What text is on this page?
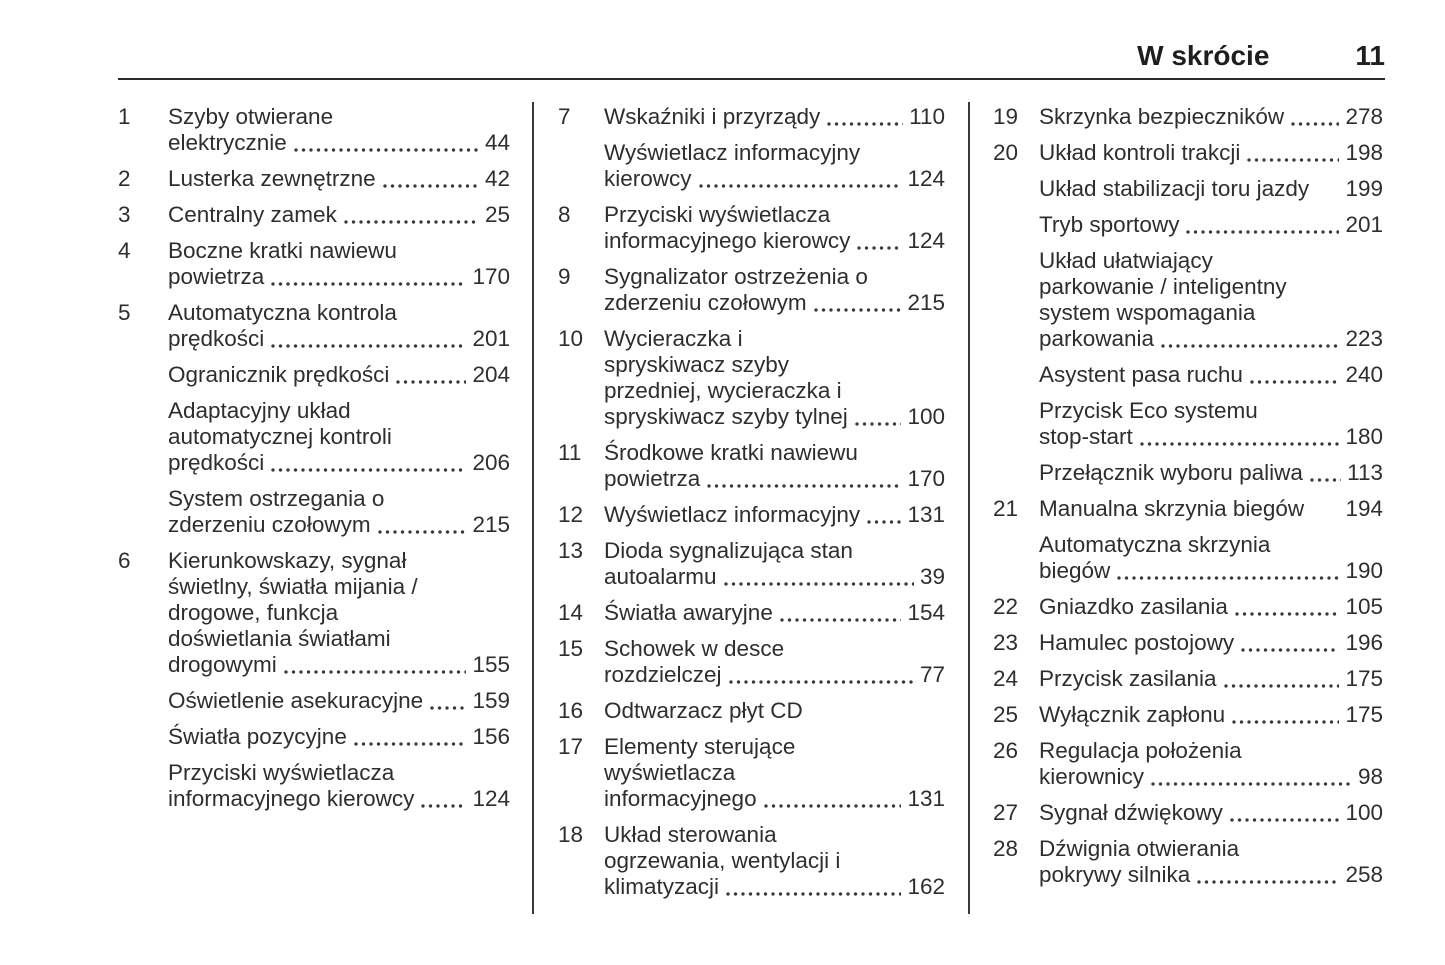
W skrócie	11
1	Szyby otwierane
elektrycznie	44
2	Lusterka zewnętrzne	42
3	Centralny zamek	25
4	Boczne kratki nawiewu
powietrza	170
5	Automatyczna kontrola
prędkości	201
Ogranicznik prędkości	204
Adaptacyjny układ
automatycznej kontroli
prędkości	206
System ostrzegania o
zderzeniu czołowym	215
6	Kierunkowskazy, sygnał
świetlny, światła mijania /
drogowe, funkcja
doświetlania światłami
drogowymi	155
Oświetlenie asekuracyjne 159
Światła pozycyjne	156
Przyciski wyświetlacza
informacyjnego kierowcy	124
7	Wskaźniki i przyrządy	110
Wyświetlacz informacyjny
kierowcy	124
8	Przyciski wyświetlacza
informacyjnego kierowcy	124
9	Sygnalizator ostrzeżenia o
zderzeniu czołowym	215
10 Wycieraczka i
spryskiwacz szyby
przedniej, wycieraczka i
spryskiwacz szyby tylnej	100
11	Środkowe kratki nawiewu
powietrza	170
12 Wyświetlacz informacyjny 131
13 Dioda sygnalizująca stan
autoalarmu	39
14 Światła awaryjne	154
15 Schowek w desce
rozdzielczej	77
16 Odtwarzacz płyt CD
17 Elementy sterujące
wyświetlacza
informacyjnego	131
18 Układ sterowania
ogrzewania, wentylacji i
klimatyzacji	162
19 Skrzynka bezpieczników	278
20 Układ kontroli trakcji	198
Układ stabilizacji toru jazdy 199
Tryb sportowy	201
Układ ułatwiający
parkowanie / inteligentny
system wspomagania
parkowania	223
Asystent pasa ruchu	240
Przycisk Eco systemu
stop-start	180
Przełącznik wyboru paliwa 113
21 Manualna skrzynia biegów 194
Automatyczna skrzynia
biegów	190
22 Gniazdko zasilania	105
23 Hamulec postojowy	196
24 Przycisk zasilania	175
25 Wyłącznik zapłonu	175
26 Regulacja położenia
kierownicy	98
27 Sygnał dźwiękowy	100
28 Dźwignia otwierania
pokrywy silnika	258
